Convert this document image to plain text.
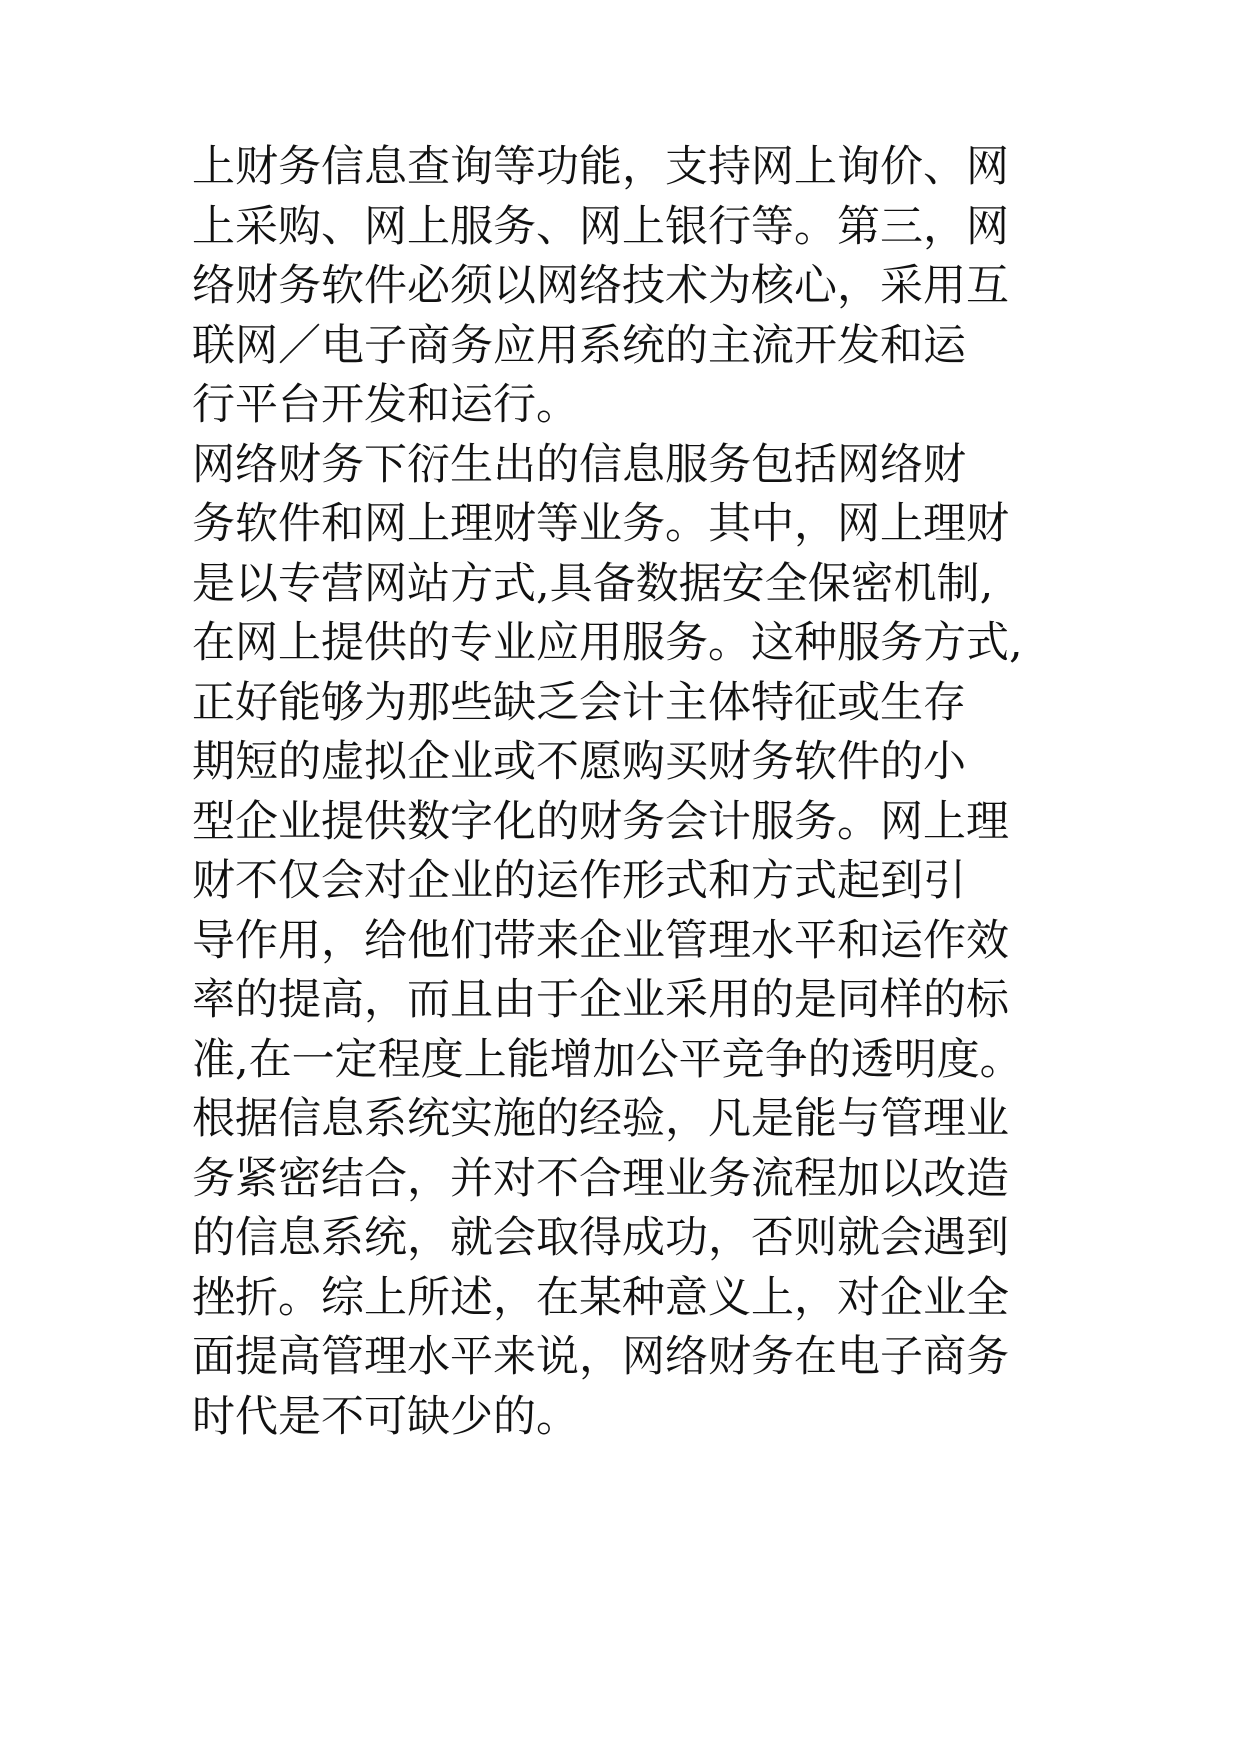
上财务信息查询等功能，支持网上询价、网
上采购、网上服务、网上银行等。第三，网
络财务软件必须以网络技术为核心，采用互
联网／电子商务应用系统的主流开发和运
行平台开发和运行。
网络财务下衍生出的信息服务包括网络财
务软件和网上理财等业务。其中，网上理财
是以专营网站方式,具备数据安全保密机制,
在网上提供的专业应用服务。这种服务方式,
正好能够为那些缺乏会计主体特征或生存
期短的虚拟企业或不愿购买财务软件的小
型企业提供数字化的财务会计服务。网上理
财不仅会对企业的运作形式和方式起到引
导作用，给他们带来企业管理水平和运作效
率的提高，而且由于企业采用的是同样的标
准,在一定程度上能增加公平竞争的透明度。
根据信息系统实施的经验，凡是能与管理业
务紧密结合，并对不合理业务流程加以改造
的信息系统，就会取得成功，否则就会遇到
挫折。综上所述，在某种意义上，对企业全
面提高管理水平来说，网络财务在电子商务
时代是不可缺少的。
